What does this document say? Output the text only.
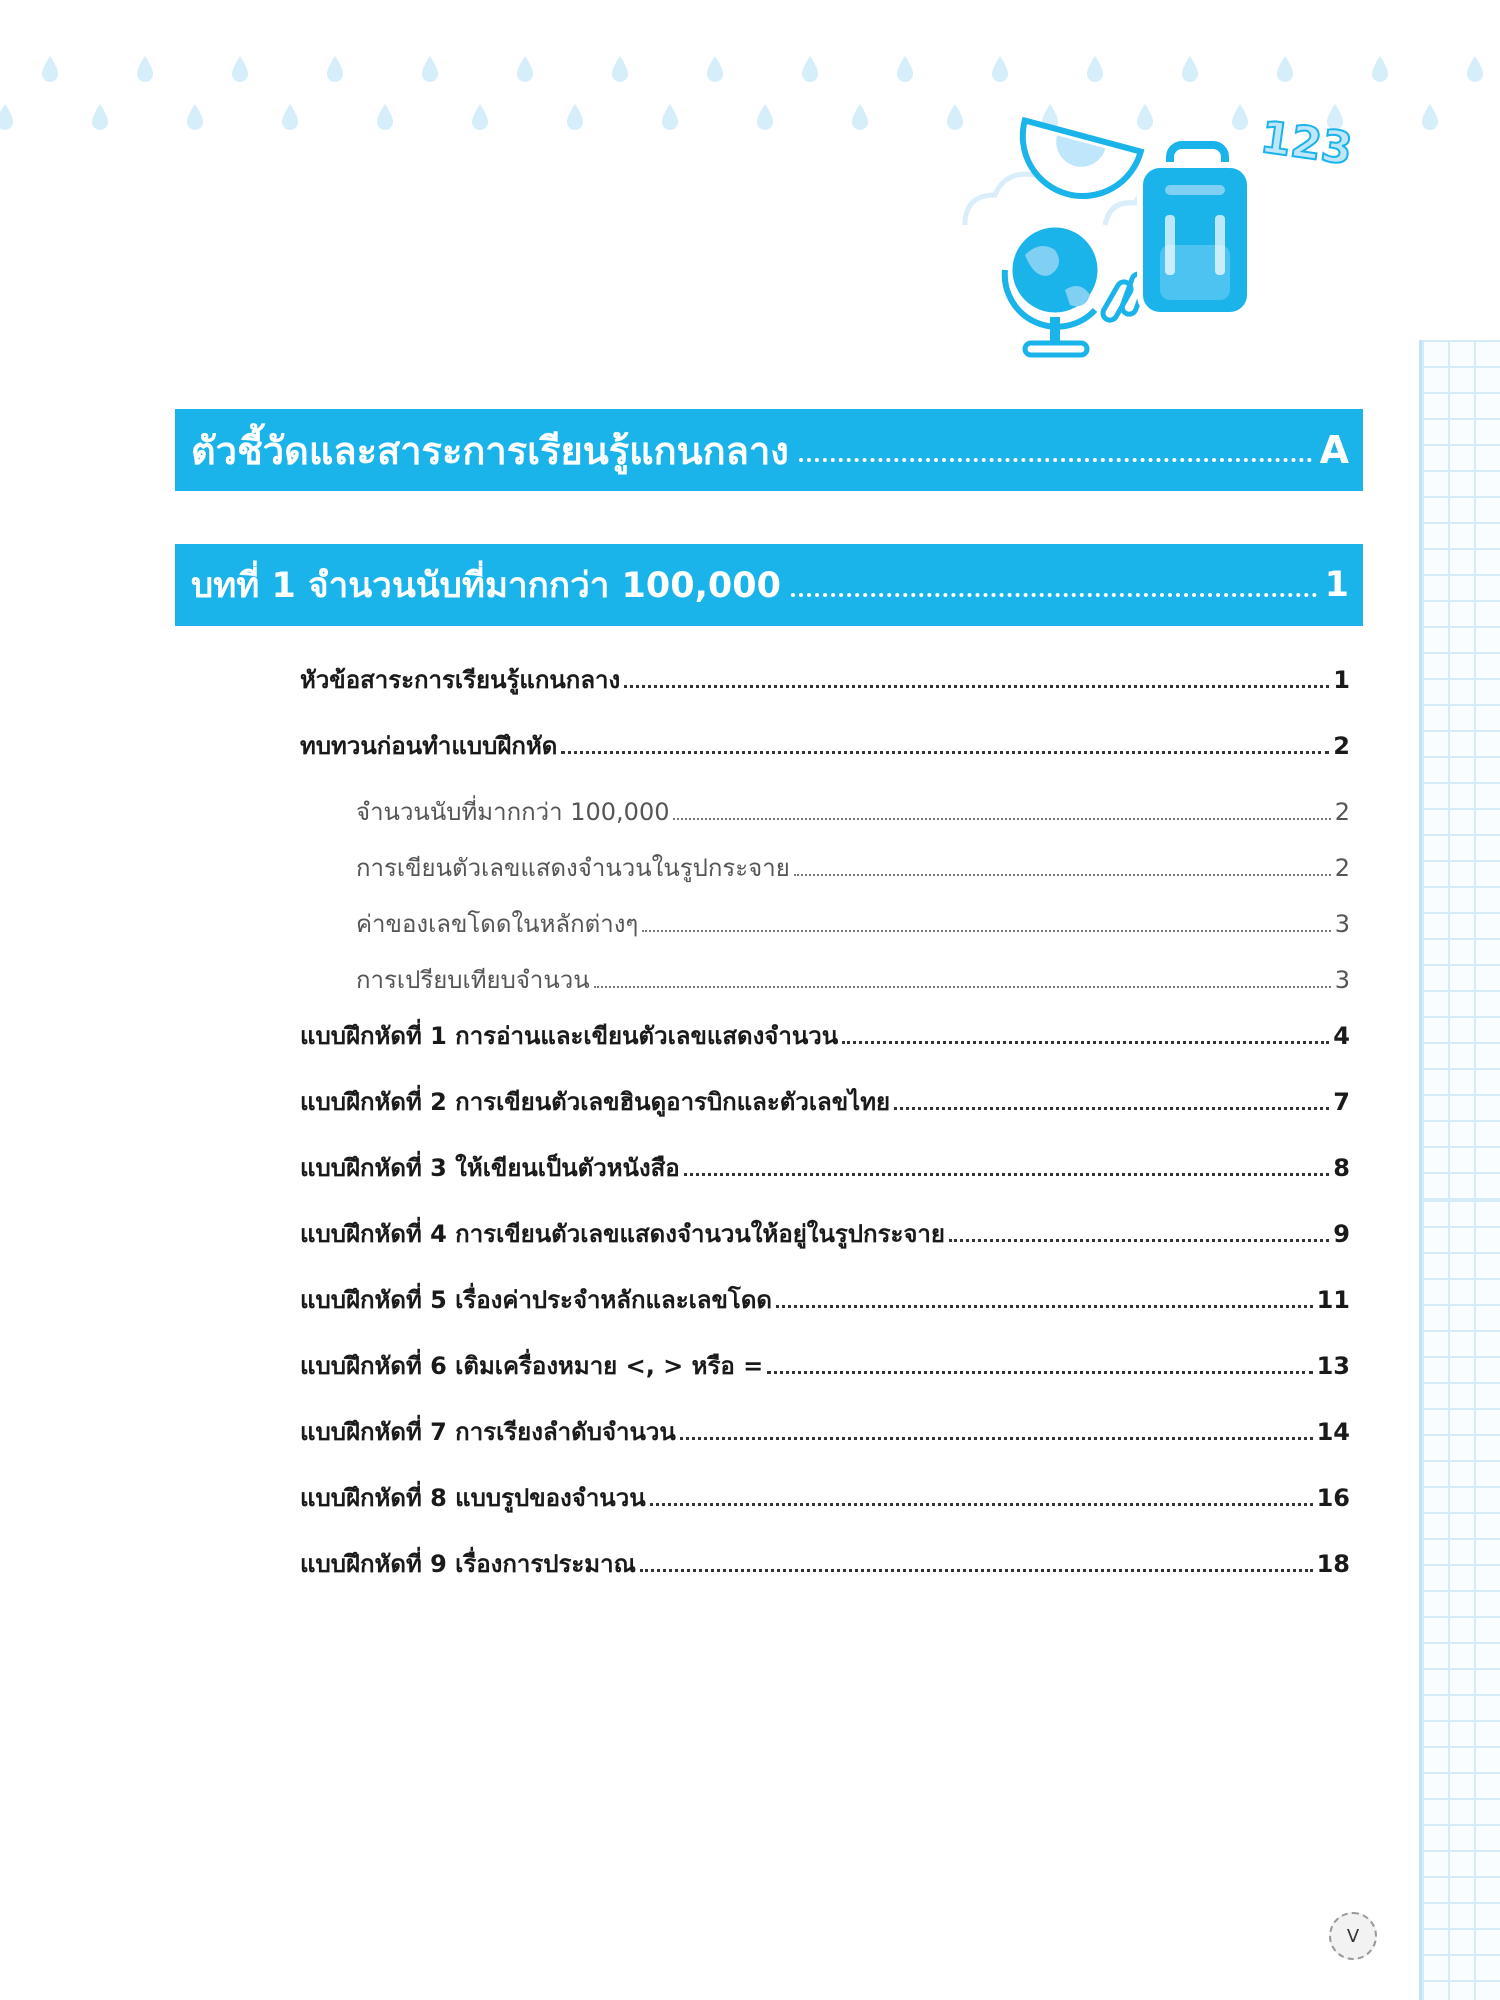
123
ตัวชี้วัดและสาระการเรียนรู้แกนกลาง	A
บทที่ 1 จำนวนนับที่มากกว่า 100,000	1
หัวข้อสาระการเรียนรู้แกนกลาง	1
ทบทวนก่อนทำแบบฝึกหัด	2
จำนวนนับที่มากกว่า 100,000	2
การเขียนตัวเลขแสดงจำนวนในรูปกระจาย	2
ค่าของเลขโดดในหลักต่างๆ	3
การเปรียบเทียบจำนวน	3
แบบฝึกหัดที่ 1 การอ่านและเขียนตัวเลขแสดงจำนวน	4
แบบฝึกหัดที่ 2 การเขียนตัวเลขฮินดูอารบิกและตัวเลขไทย	7
แบบฝึกหัดที่ 3 ให้เขียนเป็นตัวหนังสือ	8
แบบฝึกหัดที่ 4 การเขียนตัวเลขแสดงจำนวนให้อยู่ในรูปกระจาย	9
แบบฝึกหัดที่ 5 เรื่องค่าประจำหลักและเลขโดด	11
แบบฝึกหัดที่ 6 เติมเครื่องหมาย <, > หรือ =	13
แบบฝึกหัดที่ 7 การเรียงลำดับจำนวน	14
แบบฝึกหัดที่ 8 แบบรูปของจำนวน	16
แบบฝึกหัดที่ 9 เรื่องการประมาณ	18
V
